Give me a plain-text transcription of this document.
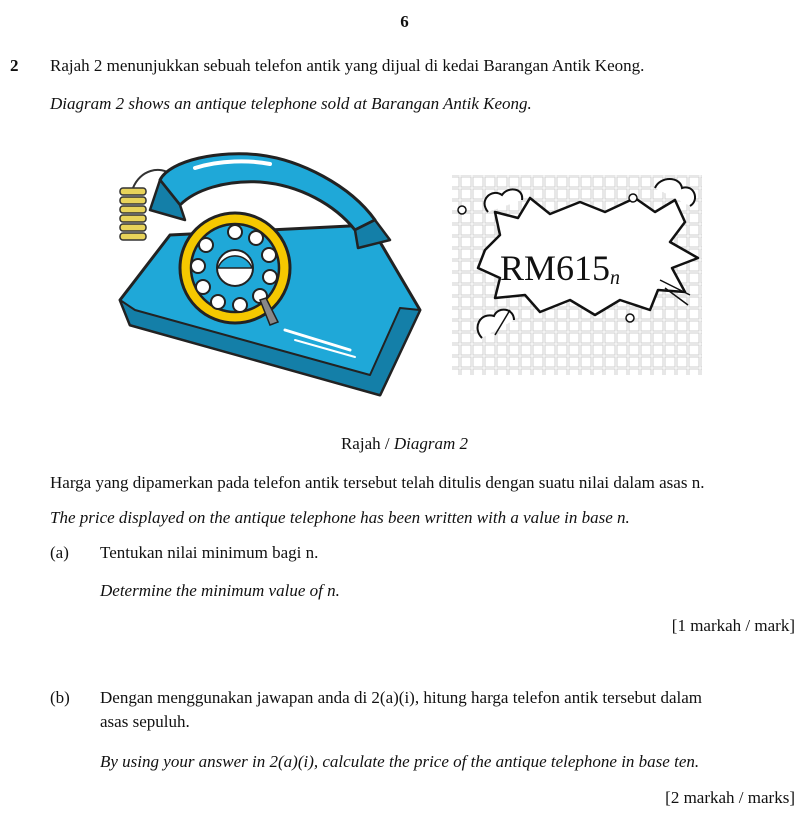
6
2 Rajah 2 menunjukkan sebuah telefon antik yang dijual di kedai Barangan Antik Keong.
Diagram 2 shows an antique telephone sold at Barangan Antik Keong.
RM615n
Rajah / Diagram 2
Harga yang dipamerkan pada telefon antik tersebut telah ditulis dengan suatu nilai dalam asas n.
The price displayed on the antique telephone has been written with a value in base n.
(a) Tentukan nilai minimum bagi n.
Determine the minimum value of n.
[1 markah / mark]
(b) Dengan menggunakan jawapan anda di 2(a)(i), hitung harga telefon antik tersebut dalam
asas sepuluh.
By using your answer in 2(a)(i), calculate the price of the antique telephone in base ten.
[2 markah / marks]
